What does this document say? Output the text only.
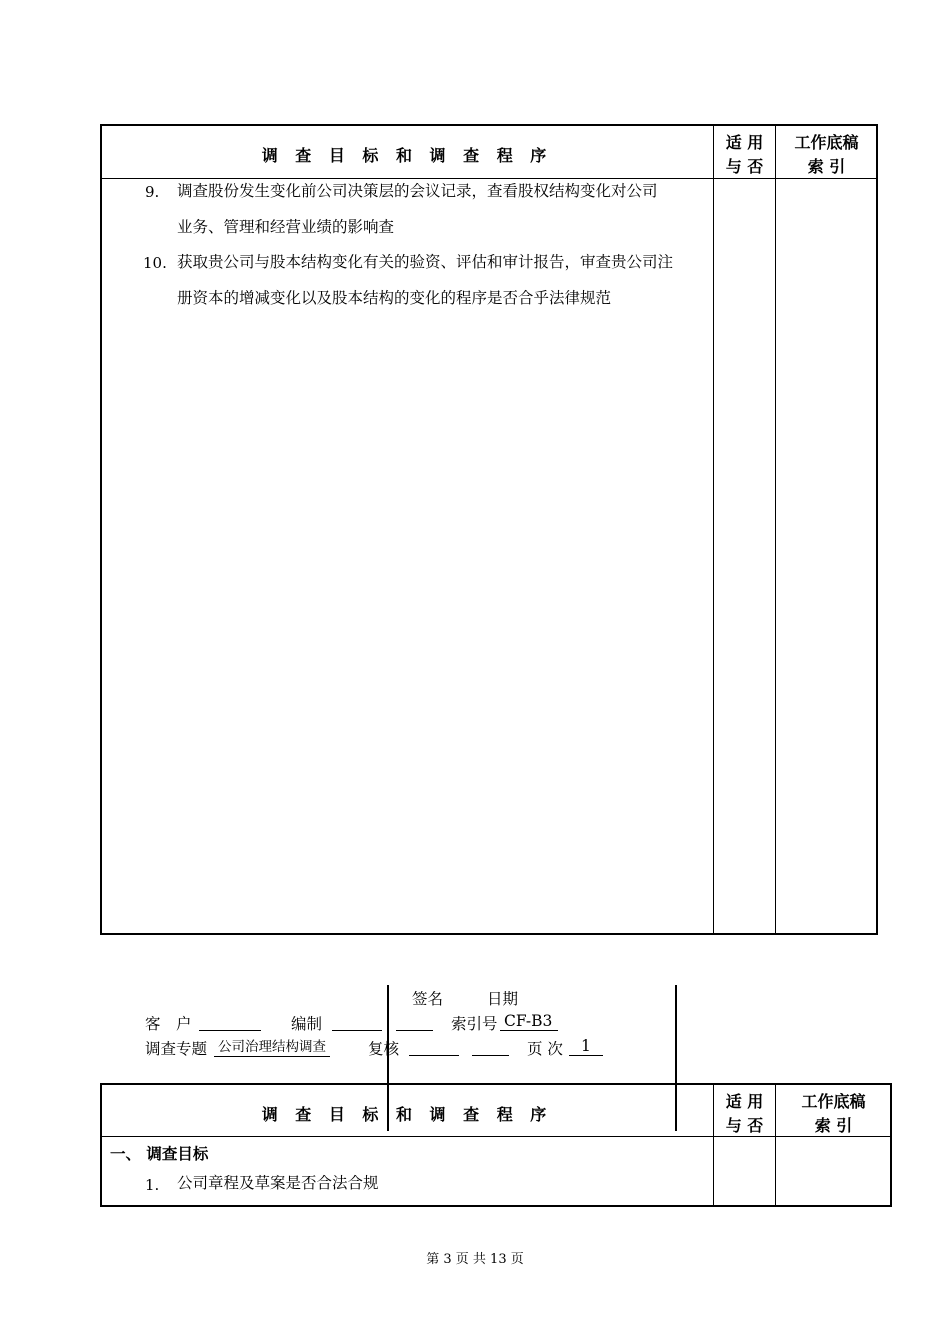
调 查 目 标 和 调 查 程 序
适 用
与 否
工作底稿
索 引
9. 调查股份发生变化前公司决策层的会议记录，查看股权结构变化对公司
业务、管理和经营业绩的影响查
10. 获取贵公司与股本结构变化有关的验资、评估和审计报告，审查贵公司注
册资本的增减变化以及股本结构的变化的程序是否合乎法律规范
签名	日期
客　户	编制	索引号 CF-B3
调查专题 公司治理结构调查	复核	页 次	1
调 查 目 标 和 调 查 程 序
适 用
与 否
工作底稿
索 引
一、 调查目标
1. 公司章程及草案是否合法合规
第 3 页 共 13 页
